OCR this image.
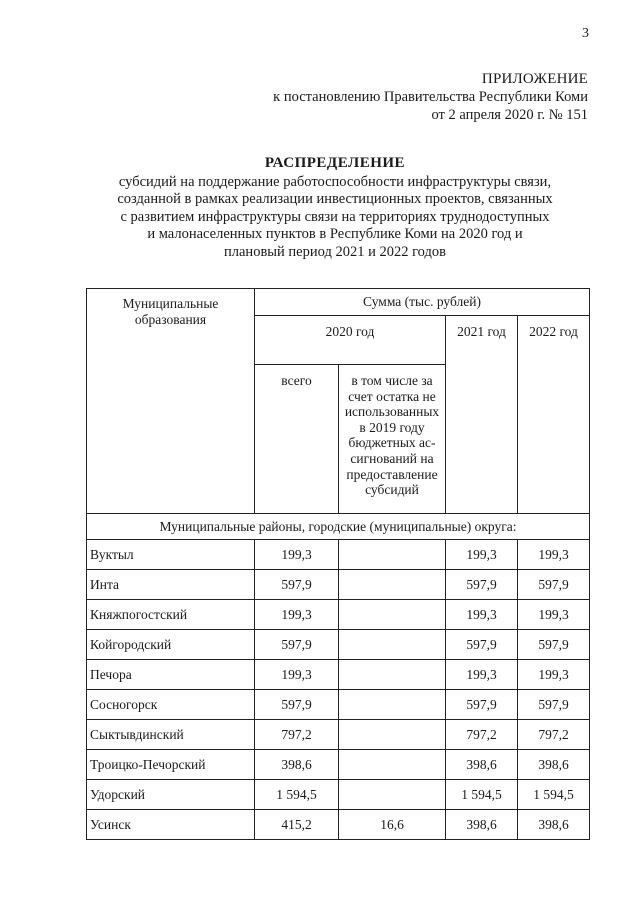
3
ПРИЛОЖЕНИЕ
к постановлению Правительства Республики Коми
от 2 апреля 2020 г. № 151
РАСПРЕДЕЛЕНИЕ
субсидий на поддержание работоспособности инфраструктуры связи,
созданной в рамках реализации инвестиционных проектов, связанных
с развитием инфраструктуры связи на территориях труднодоступных
и малонаселенных пунктов в Республике Коми на 2020 год и
плановый период 2021 и 2022 годов
Муниципальные образования	Сумма (тыс. рублей)			
	2020 год		2021 год	2022 год
	всего	в том числе за счет остатка не использованных в 2019 году бюджетных ас-сигнований на предоставление субсидий		
Муниципальные районы, городские (муниципальные) округа:				
Вуктыл	199,3		199,3	199,3
Инта	597,9		597,9	597,9
Княжпогостский	199,3		199,3	199,3
Койгородский	597,9		597,9	597,9
Печора	199,3		199,3	199,3
Сосногорск	597,9		597,9	597,9
Сыктывдинский	797,2		797,2	797,2
Троицко-Печорский	398,6		398,6	398,6
Удорский	1 594,5		1 594,5	1 594,5
Усинск	415,2	16,6	398,6	398,6
